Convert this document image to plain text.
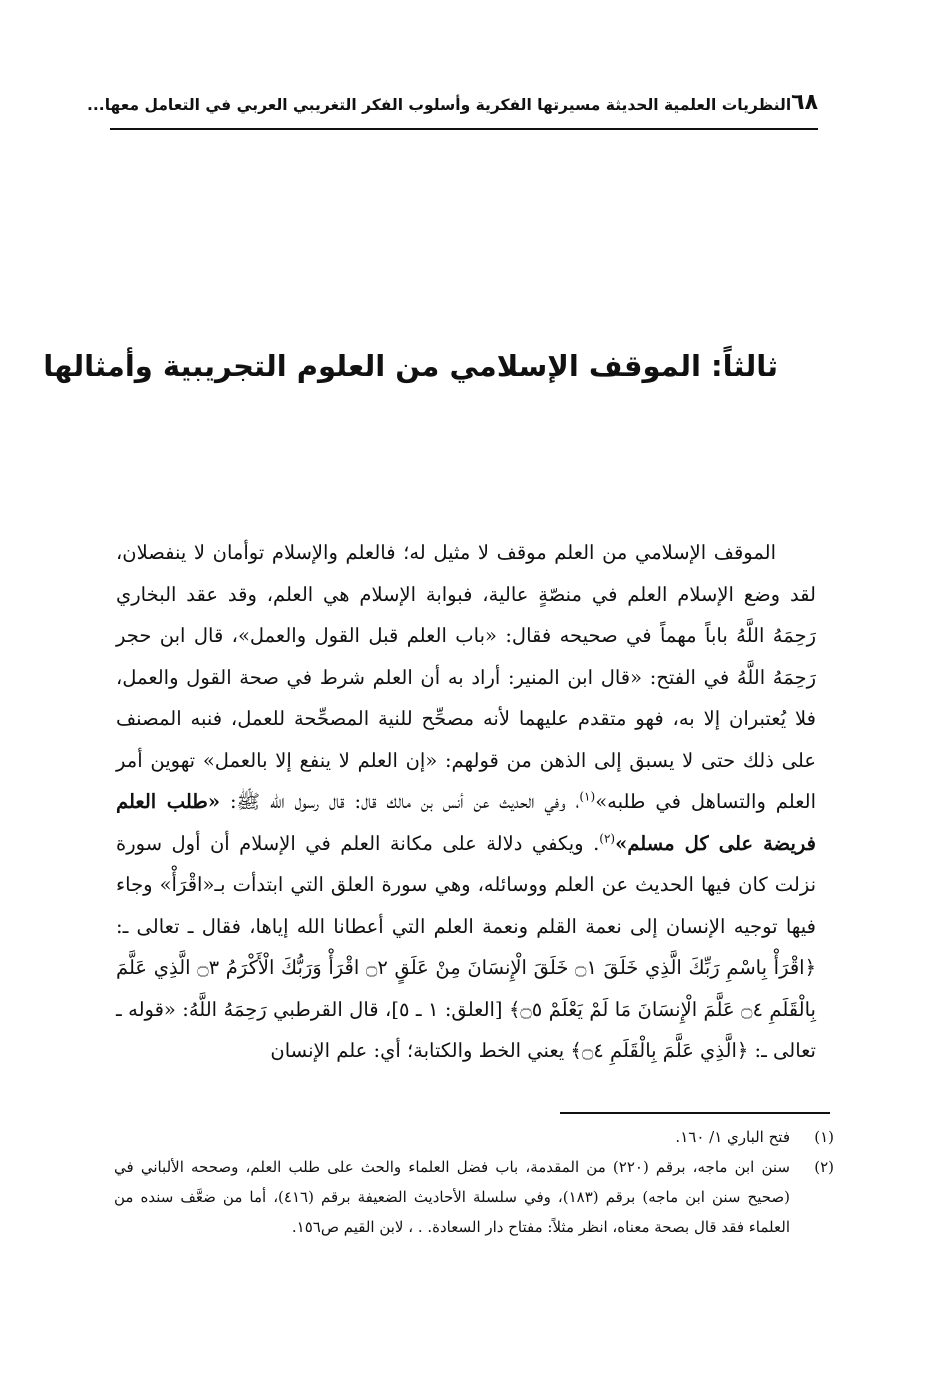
٦٨
النظريات العلمية الحديثة مسيرتها الفكرية وأسلوب الفكر التغريبي العربي في التعامل معها...
ثالثاً: الموقف الإسلامي من العلوم التجريبية وأمثالها

الموقف الإسلامي من العلم موقف لا مثيل له؛ فالعلم والإسلام توأمان لا ينفصلان، لقد وضع الإسلام العلم في منصّةٍ عالية، فبوابة الإسلام هي العلم، وقد عقد البخاري رَحِمَهُ اللَّهُ باباً مهماً في صحيحه فقال: «باب العلم قبل القول والعمل»، قال ابن حجر رَحِمَهُ اللَّهُ في الفتح: «قال ابن المنير: أراد به أن العلم شرط في صحة القول والعمل، فلا يُعتبران إلا به، فهو متقدم عليهما لأنه مصحِّح للنية المصحِّحة للعمل، فنبه المصنف على ذلك حتى لا يسبق إلى الذهن من قولهم: «إن العلم لا ينفع إلا بالعمل» تهوين أمر العلم والتساهل في طلبه»$^{(١)}$، وفي الحديث عن أنس بن مالك قال: قال رسول الله ﷺ: «طلب العلم فريضة على كل مسلم»$^{(٢)}$. ويكفي دلالة على مكانة العلم في الإسلام أن أول سورة نزلت كان فيها الحديث عن العلم ووسائله، وهي سورة العلق التي ابتدأت بـ«اقْرَأْ» وجاء فيها توجيه الإنسان إلى نعمة القلم ونعمة العلم التي أعطانا الله إياها، فقال ـ تعالى ـ: ﴿اقْرَأْ بِاسْمِ رَبِّكَ الَّذِي خَلَقَ ۝١ خَلَقَ الْإِنسَانَ مِنْ عَلَقٍ ۝٢ اقْرَأْ وَرَبُّكَ الْأَكْرَمُ ۝٣ الَّذِي عَلَّمَ بِالْقَلَمِ ۝٤ عَلَّمَ الْإِنسَانَ مَا لَمْ يَعْلَمْ ۝٥﴾ [العلق: ١ ـ ٥]، قال القرطبي رَحِمَهُ اللَّهُ: «قوله ـ تعالى ـ: ﴿الَّذِي عَلَّمَ بِالْقَلَمِ ۝٤﴾ يعني الخط والكتابة؛ أي: علم الإنسان

(١)
فتح الباري ١/ ١٦٠.
(٢)
سنن ابن ماجه، برقم (٢٢٠) من المقدمة، باب فضل العلماء والحث على طلب العلم، وصححه الألباني في (صحيح سنن ابن ماجه) برقم (١٨٣)، وفي سلسلة الأحاديث الضعيفة برقم (٤١٦)، أما من ضعَّف سنده من العلماء فقد قال بصحة معناه، انظر مثلاً: مفتاح دار السعادة. . ، لابن القيم ص١٥٦.
